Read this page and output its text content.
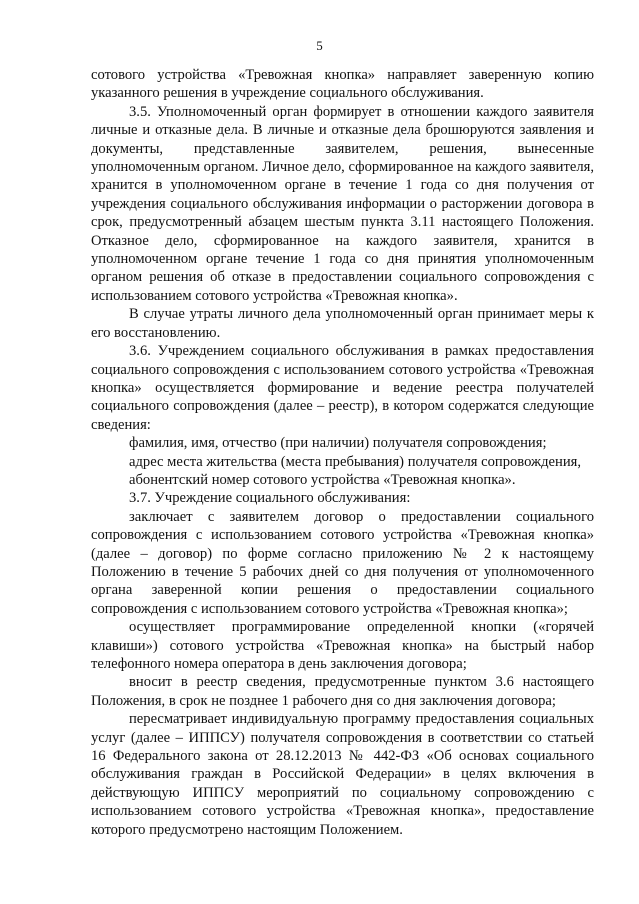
5

сотового устройства «Тревожная кнопка» направляет заверенную копию указанного решения в учреждение социального обслуживания.

3.5. Уполномоченный орган формирует в отношении каждого заявителя личные и отказные дела. В личные и отказные дела брошюруются заявления и документы, представленные заявителем, решения, вынесенные уполномоченным органом. Личное дело, сформированное на каждого заявителя, хранится в уполномоченном органе в течение 1 года со дня получения от учреждения социального обслуживания информации о расторжении договора в срок, предусмотренный абзацем шестым пункта 3.11 настоящего Положения. Отказное дело, сформированное на каждого заявителя, хранится в уполномоченном органе течение 1 года со дня принятия уполномоченным органом решения об отказе в предоставлении социального сопровождения с использованием сотового устройства «Тревожная кнопка».

В случае утраты личного дела уполномоченный орган принимает меры к его восстановлению.

3.6. Учреждением социального обслуживания в рамках предоставления социального сопровождения с использованием сотового устройства «Тревожная кнопка» осуществляется формирование и ведение реестра получателей социального сопровождения (далее – реестр), в котором содержатся следующие сведения:

фамилия, имя, отчество (при наличии) получателя сопровождения;

адрес места жительства (места пребывания) получателя сопровождения,

абонентский номер сотового устройства «Тревожная кнопка».

3.7. Учреждение социального обслуживания:

заключает с заявителем договор о предоставлении социального сопровождения с использованием сотового устройства «Тревожная кнопка» (далее – договор) по форме согласно приложению № 2 к настоящему Положению в течение 5 рабочих дней со дня получения от уполномоченного органа заверенной копии решения о предоставлении социального сопровождения с использованием сотового устройства «Тревожная кнопка»;

осуществляет программирование определенной кнопки («горячей клавиши») сотового устройства «Тревожная кнопка» на быстрый набор телефонного номера оператора в день заключения договора;

вносит в реестр сведения, предусмотренные пунктом 3.6 настоящего Положения, в срок не позднее 1 рабочего дня со дня заключения договора;

пересматривает индивидуальную программу предоставления социальных услуг (далее – ИППСУ) получателя сопровождения в соответствии со статьей 16 Федерального закона от 28.12.2013 № 442-ФЗ «Об основах социального обслуживания граждан в Российской Федерации» в целях включения в действующую ИППСУ мероприятий по социальному сопровождению с использованием сотового устройства «Тревожная кнопка», предоставление которого предусмотрено настоящим Положением.
